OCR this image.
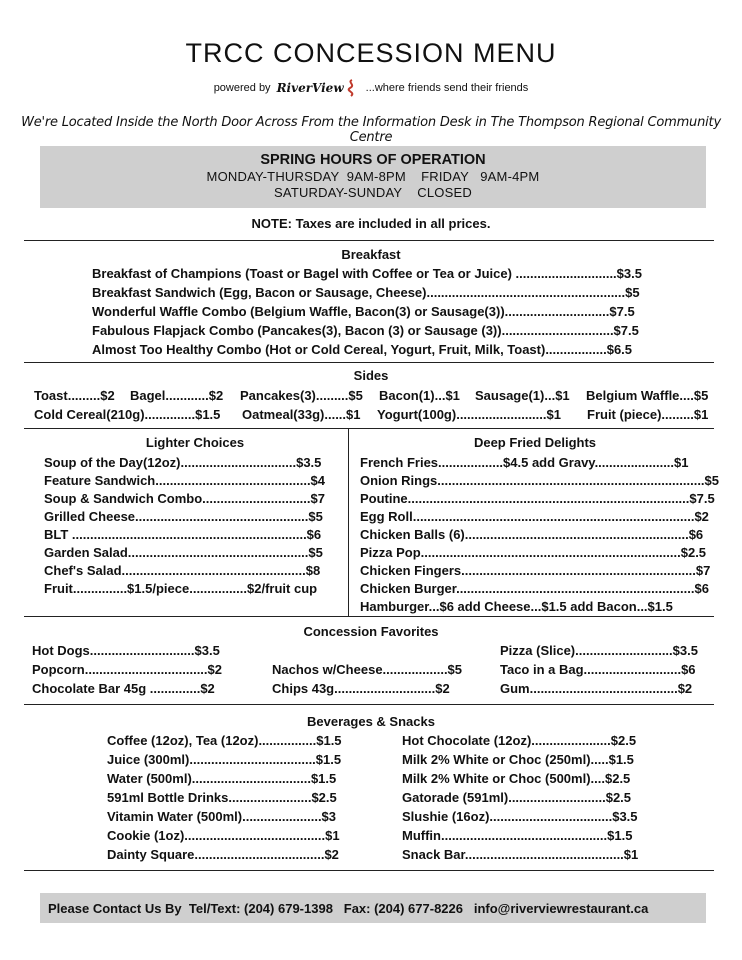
TRCC CONCESSION MENU
powered by RiverView ...where friends send their friends
We're Located Inside the North Door Across From the Information Desk in The Thompson Regional Community Centre
SPRING HOURS OF OPERATION
MONDAY-THURSDAY  9AM-8PM    FRIDAY   9AM-4PM
SATURDAY-SUNDAY    CLOSED
NOTE: Taxes are included in all prices.
Breakfast
Breakfast of Champions (Toast or Bagel with Coffee or Tea or Juice) ............................$3.5
Breakfast Sandwich (Egg, Bacon or Sausage, Cheese).......................................................$5
Wonderful Waffle Combo (Belgium Waffle, Bacon(3) or Sausage(3)).............................$7.5
Fabulous Flapjack Combo (Pancakes(3), Bacon (3) or Sausage (3))...............................$7.5
Almost Too Healthy Combo (Hot or Cold Cereal, Yogurt, Fruit, Milk, Toast).................$6.5
Sides
Toast.........$2 Bagel............$2 Pancakes(3).........$5 Bacon(1)...$1 Sausage(1)...$1 Belgium Waffle....$5
Cold Cereal(210g)..............$1.5 Oatmeal(33g)......$1 Yogurt(100g).........................$1 Fruit (piece).........$1
Lighter Choices
Soup of the Day(12oz)................................$3.5
Feature Sandwich...........................................$4
Soup & Sandwich Combo..............................$7
Grilled Cheese................................................$5
BLT .................................................................$6
Garden Salad..................................................$5
Chef's Salad...................................................$8
Fruit...............$1.5/piece................$2/fruit cup
Deep Fried Delights
French Fries..................$4.5 add Gravy......................$1
Onion Rings..........................................................................$5
Poutine..............................................................................$7.5
Egg Roll..............................................................................$2
Chicken Balls (6)..............................................................$6
Pizza Pop........................................................................$2.5
Chicken Fingers.................................................................$7
Chicken Burger..................................................................$6
Hamburger...$6 add Cheese...$1.5 add Bacon...$1.5
Concession Favorites
Hot Dogs.............................$3.5
Popcorn..................................$2
Chocolate Bar 45g ..............$2
Nachos w/Cheese..................$5
Chips 43g............................$2
Pizza (Slice)...........................$3.5
Taco in a Bag...........................$6
Gum.........................................$2
Beverages & Snacks
Coffee (12oz), Tea (12oz)................$1.5
Juice (300ml)...................................$1.5
Water (500ml).................................$1.5
591ml Bottle Drinks.......................$2.5
Vitamin Water (500ml)......................$3
Cookie (1oz).......................................$1
Dainty Square....................................$2
Hot Chocolate (12oz)......................$2.5
Milk 2% White or Choc (250ml).....$1.5
Milk 2% White or Choc (500ml)....$2.5
Gatorade (591ml)...........................$2.5
Slushie (16oz)..................................$3.5
Muffin..............................................$1.5
Snack Bar............................................$1
Please Contact Us By  Tel/Text: (204) 679-1398   Fax: (204) 677-8226   info@riverviewrestaurant.ca
